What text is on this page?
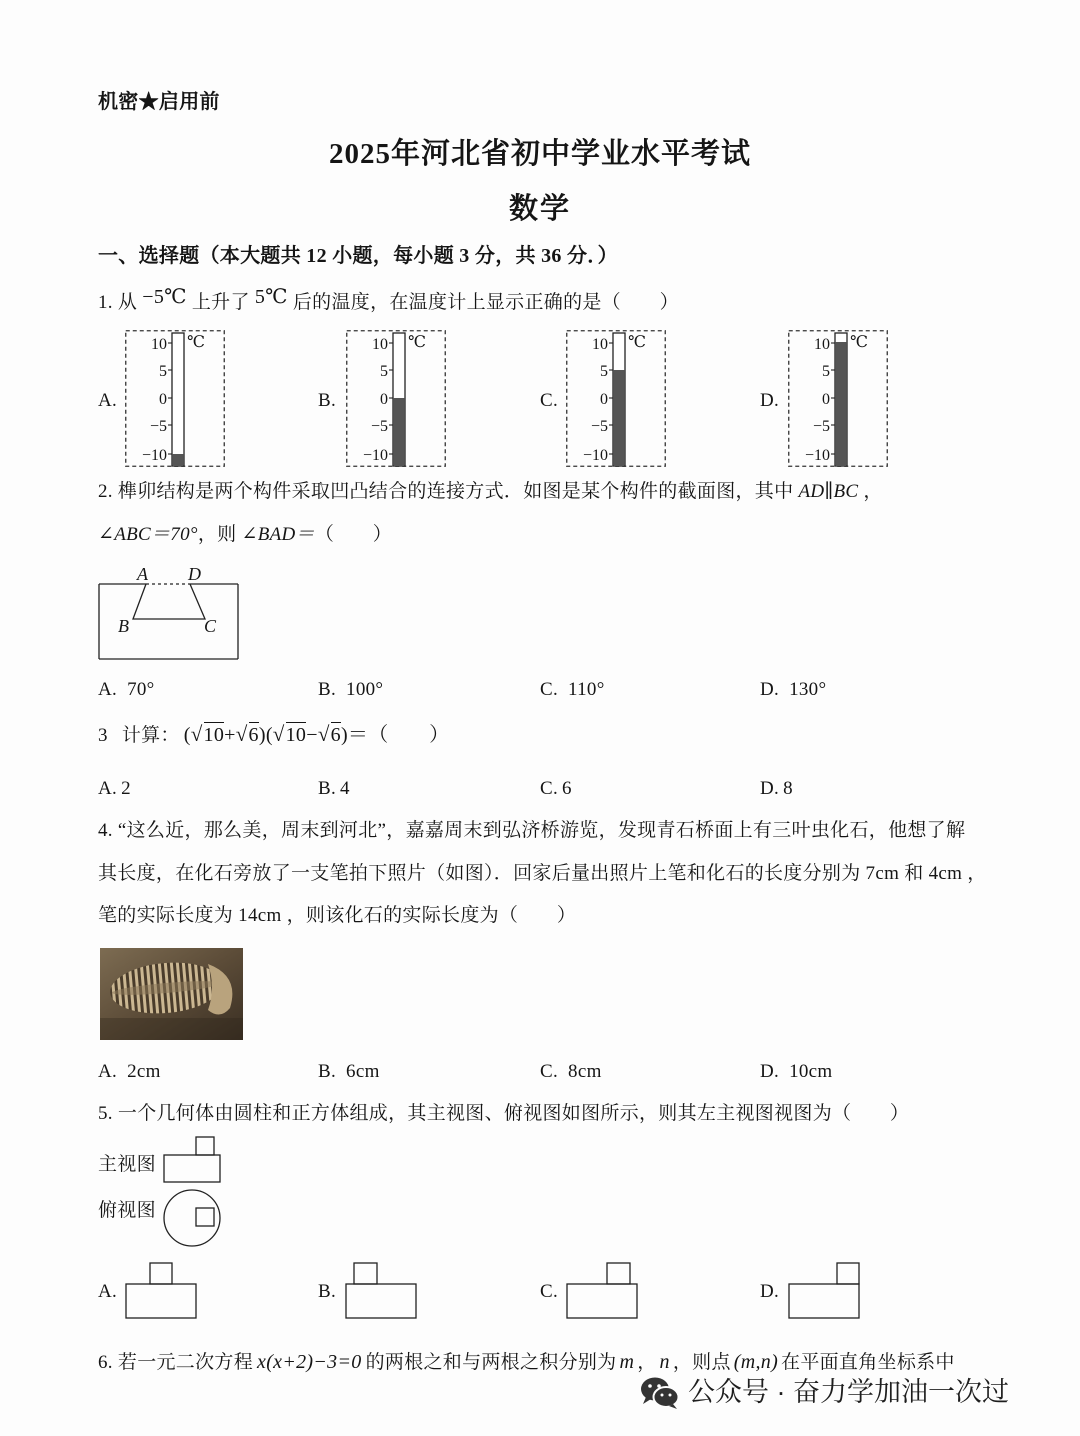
机密★启用前
2025年河北省初中学业水平考试
数学
一、选择题（本大题共 12 小题，每小题 3 分，共 36 分．）
1. 从 −5℃ 上升了 5℃ 后的温度，在温度计上显示正确的是（　　）
A.	B.	C.	D.
10
5
0
−5
−10
℃	10
5
0
−5
−10
℃	10
5
0
−5
−10
℃	10
5
0
−5
−10
℃
2. 榫卯结构是两个构件采取凹凸结合的连接方式．如图是某个构件的截面图，其中 AD∥BC ，
∠ABC＝70°，则 ∠BAD＝（　　）
A D
B	C
A. 70°	B. 100°	C. 110°	D. 130°
3 计算： (√10+√6)(√10−√6)＝（　　）
A. 2	B. 4	C. 6	D. 8
4. “这么近，那么美，周末到河北”，嘉嘉周末到弘济桥游览，发现青石桥面上有三叶虫化石，他想了解
其长度，在化石旁放了一支笔拍下照片（如图）．回家后量出照片上笔和化石的长度分别为 7cm 和 4cm ，
笔的实际长度为 14cm ，则该化石的实际长度为（　　）
A. 2cm	B. 6cm	C. 8cm	D. 10cm
5. 一个几何体由圆柱和正方体组成，其主视图、俯视图如图所示，则其左主视图视图为（　　）
主视图
俯视图
A.	B.	C.	D.
6. 若一元二次方程 x(x+2)−3=0 的两根之和与两根之积分别为 m ， n ，则点 (m,n) 在平面直角坐标系中
公众号 · 奋力学加油一次过
